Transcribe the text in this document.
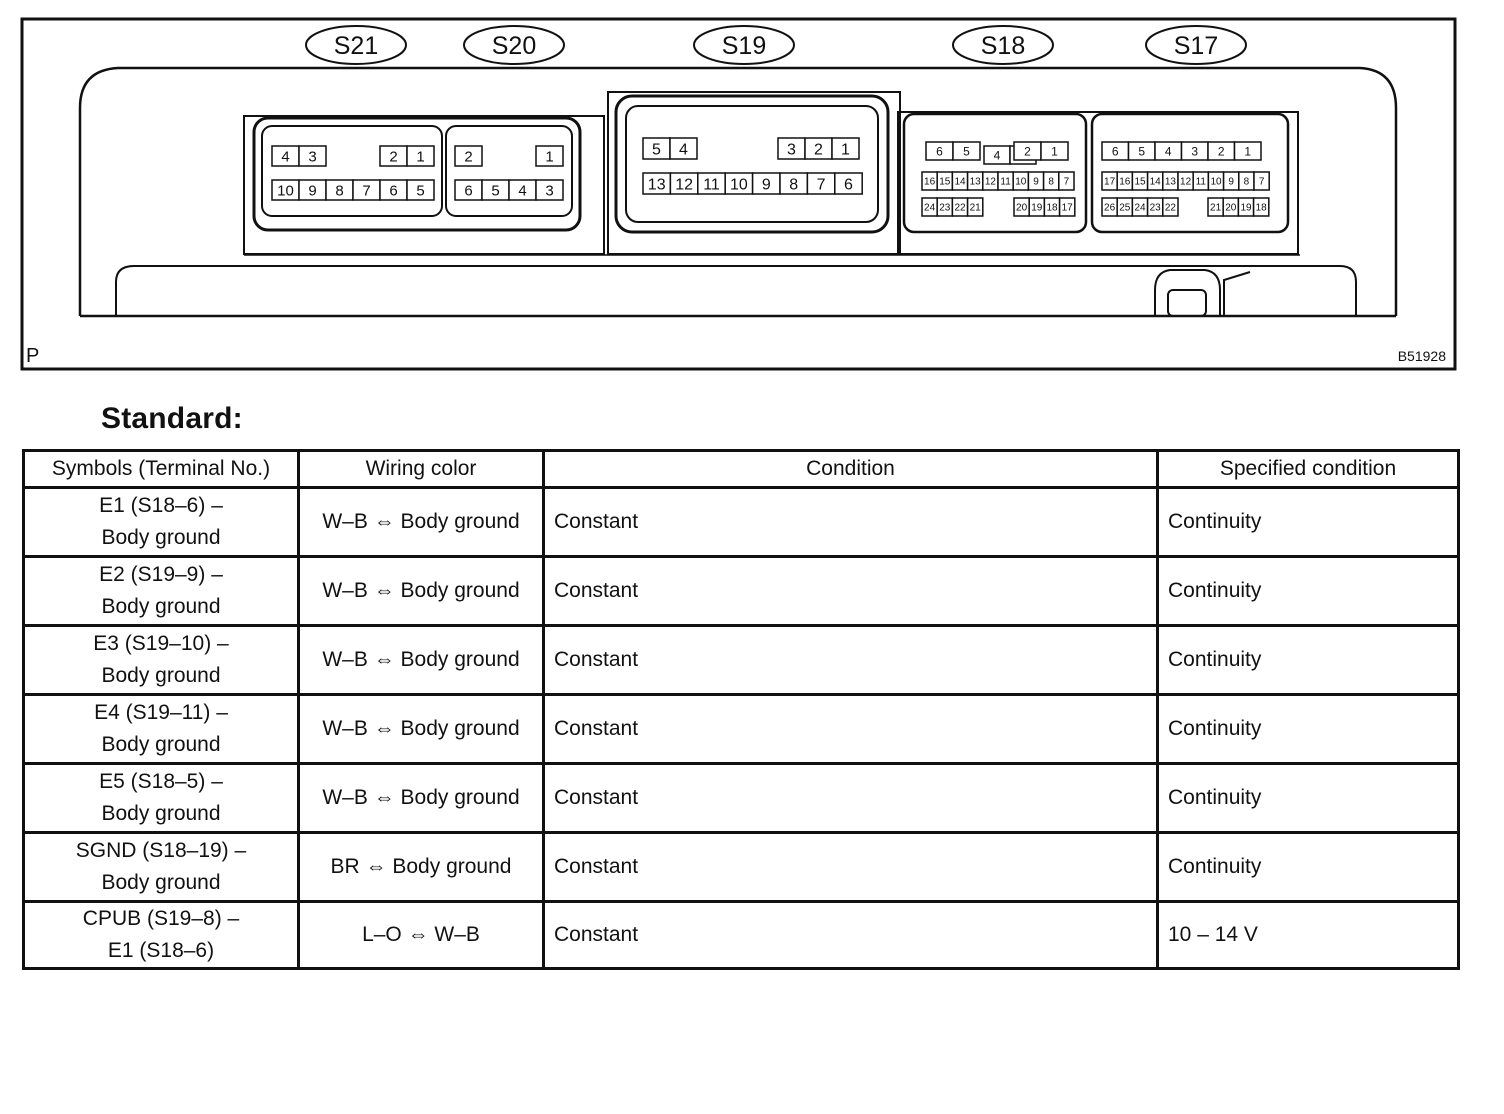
4 3	2 1
10 9 8 7 6 5
2	1
6 5 4 3
5 4	3 2 1
13 12 11 10 9 8 7 6
6 5 4 2 1
16 15 14 13 12 11 10 9 8 7
24 23 22 21	20 19 18 17
6 5 4 3 2 1
17 16 15 14 13 12 11 10 9 8 7
26 25 24 23 22	21 20 19 18
S21	S20	S19	S18	S17
P	B51928
Standard:
Symbols (Terminal No.)	Wiring color	Condition	Specified condition

E1 (S18–6) –
Body ground	W–B ⇔ Body ground	Constant	Continuity

E2 (S19–9) –
Body ground	W–B ⇔ Body ground	Constant	Continuity

E3 (S19–10) –
Body ground	W–B ⇔ Body ground	Constant	Continuity

E4 (S19–11) –
Body ground	W–B ⇔ Body ground	Constant	Continuity

E5 (S18–5) –
Body ground	W–B ⇔ Body ground	Constant	Continuity

SGND (S18–19) –
Body ground	BR ⇔ Body ground	Constant	Continuity

CPUB (S19–8) –
E1 (S18–6)	L–O ⇔ W–B	Constant	10 – 14 V
